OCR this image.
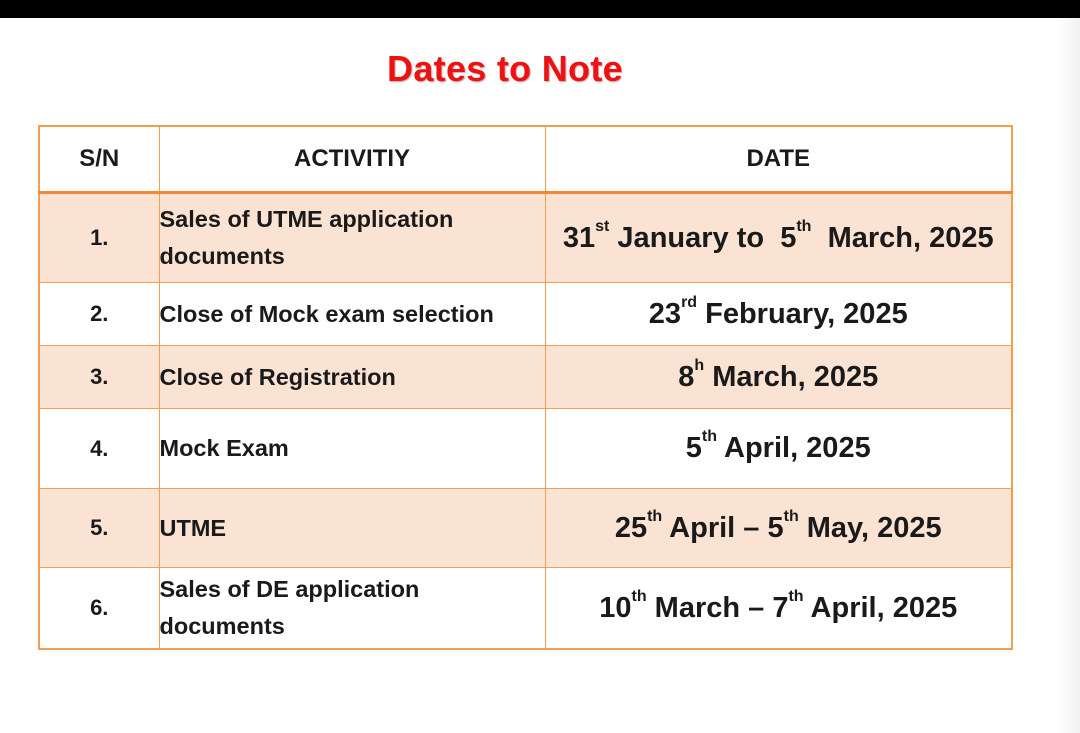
Dates to Note
S/N	ACTIVITIY	DATE
1.	Sales of UTME application documents	31st January to  5th  March, 2025
2.	Close of Mock exam selection	23rd February, 2025
3.	Close of Registration	8$^h$ March, 2025
4.	Mock Exam	5th April, 2025
5.	UTME	25th April – 5th May, 2025
6.	Sales of DE application documents	10th March – 7th April, 2025
